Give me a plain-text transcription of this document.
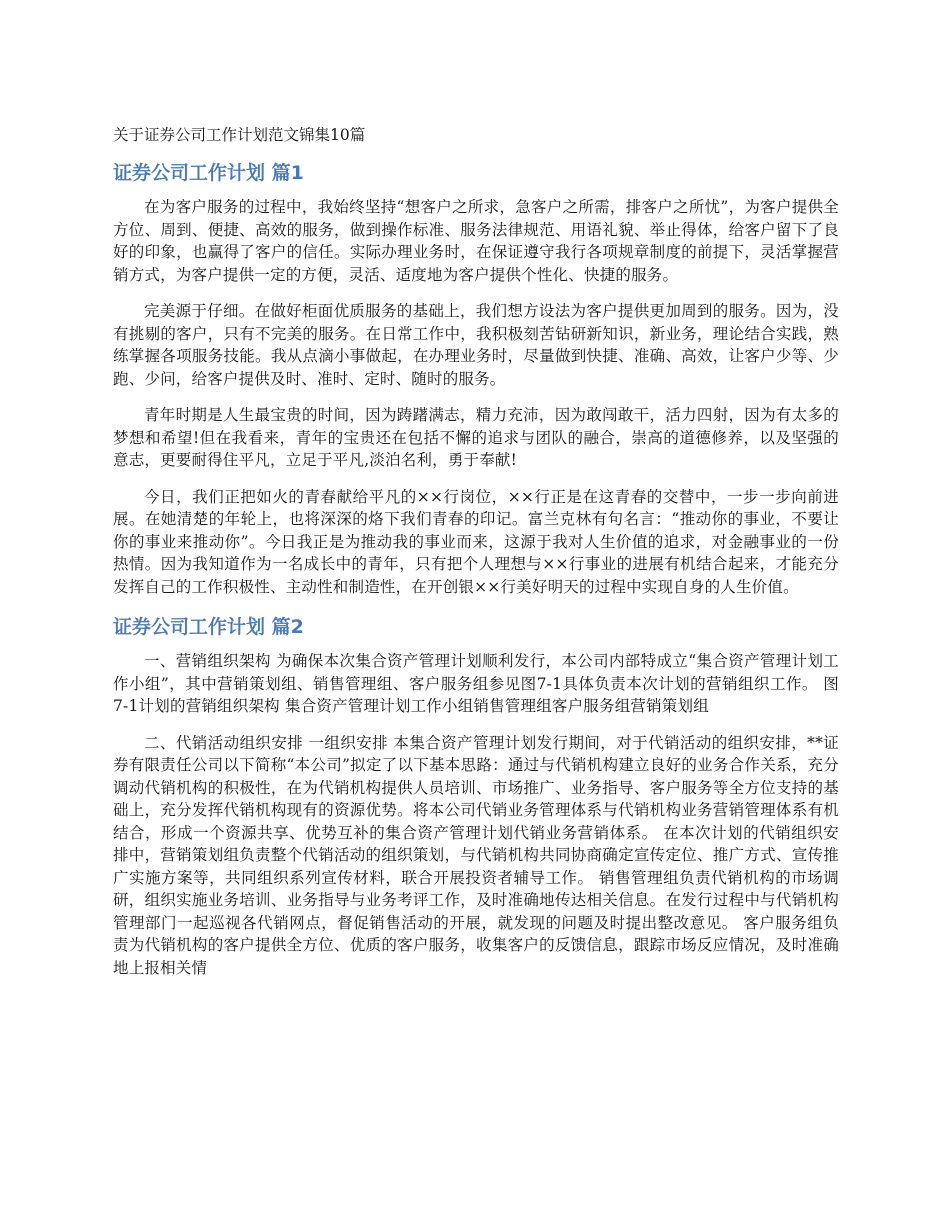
关于证券公司工作计划范文锦集10篇
证券公司工作计划 篇1

在为客户服务的过程中，我始终坚持“想客户之所求，急客户之所需，排客户之所忧”，为客户提供全方位、周到、便捷、高效的服务，做到操作标准、服务法律规范、用语礼貌、举止得体，给客户留下了良好的印象，也赢得了客户的信任。实际办理业务时，在保证遵守我行各项规章制度的前提下，灵活掌握营销方式，为客户提供一定的方便，灵活、适度地为客户提供个性化、快捷的服务。

完美源于仔细。在做好柜面优质服务的基础上，我们想方设法为客户提供更加周到的服务。因为，没有挑剔的客户，只有不完美的服务。在日常工作中，我积极刻苦钻研新知识，新业务，理论结合实践，熟练掌握各项服务技能。我从点滴小事做起，在办理业务时，尽量做到快捷、准确、高效，让客户少等、少跑、少问，给客户提供及时、准时、定时、随时的服务。

青年时期是人生最宝贵的时间，因为踌躇满志，精力充沛，因为敢闯敢干，活力四射，因为有太多的梦想和希望!但在我看来，青年的宝贵还在包括不懈的追求与团队的融合，崇高的道德修养，以及坚强的意志，更要耐得住平凡，立足于平凡,淡泊名利，勇于奉献!

今日，我们正把如火的青春献给平凡的××行岗位，××行正是在这青春的交替中，一步一步向前进展。在她清楚的年轮上，也将深深的烙下我们青春的印记。富兰克林有句名言：“推动你的事业，不要让你的事业来推动你”。今日我正是为推动我的事业而来，这源于我对人生价值的追求，对金融事业的一份热情。因为我知道作为一名成长中的青年，只有把个人理想与××行事业的进展有机结合起来，才能充分发挥自己的工作积极性、主动性和制造性，在开创银××行美好明天的过程中实现自身的人生价值。

证券公司工作计划 篇2

一、营销组织架构 为确保本次集合资产管理计划顺利发行，本公司内部特成立“集合资产管理计划工作小组”，其中营销策划组、销售管理组、客户服务组参见图7-1具体负责本次计划的营销组织工作。 图7-1计划的营销组织架构 集合资产管理计划工作小组销售管理组客户服务组营销策划组

二、代销活动组织安排 一组织安排 本集合资产管理计划发行期间，对于代销活动的组织安排，**证券有限责任公司以下简称“本公司”拟定了以下基本思路：通过与代销机构建立良好的业务合作关系，充分调动代销机构的积极性，在为代销机构提供人员培训、市场推广、业务指导、客户服务等全方位支持的基础上，充分发挥代销机构现有的资源优势。将本公司代销业务管理体系与代销机构业务营销管理体系有机结合，形成一个资源共享、优势互补的集合资产管理计划代销业务营销体系。 在本次计划的代销组织安排中，营销策划组负责整个代销活动的组织策划，与代销机构共同协商确定宣传定位、推广方式、宣传推广实施方案等，共同组织系列宣传材料，联合开展投资者辅导工作。 销售管理组负责代销机构的市场调研，组织实施业务培训、业务指导与业务考评工作，及时准确地传达相关信息。在发行过程中与代销机构管理部门一起巡视各代销网点，督促销售活动的开展，就发现的问题及时提出整改意见。 客户服务组负责为代销机构的客户提供全方位、优质的客户服务，收集客户的反馈信息，跟踪市场反应情况，及时准确地上报相关情
